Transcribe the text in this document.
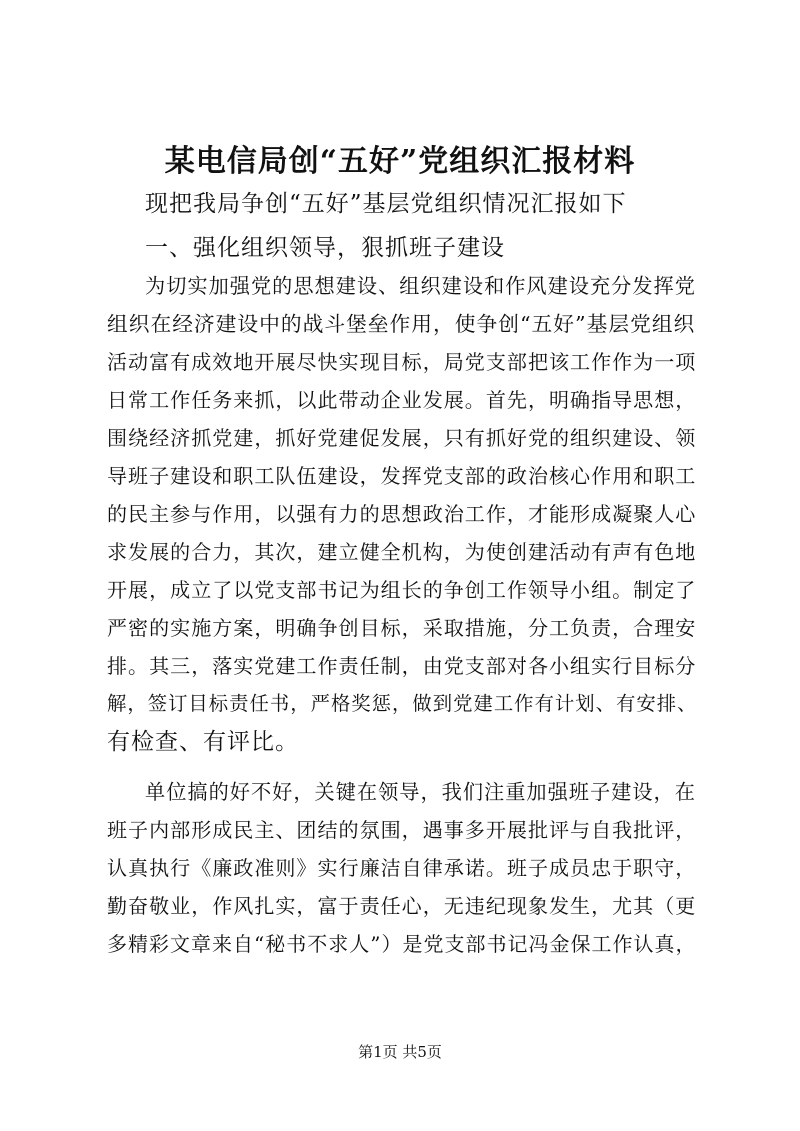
某电信局创“五好”党组织汇报材料
现把我局争创“五好”基层党组织情况汇报如下
一、强化组织领导，狠抓班子建设
为切实加强党的思想建设、组织建设和作风建设充分发挥党
组织在经济建设中的战斗堡垒作用，使争创“五好”基层党组织
活动富有成效地开展尽快实现目标，局党支部把该工作作为一项
日常工作任务来抓，以此带动企业发展。首先，明确指导思想，
围绕经济抓党建，抓好党建促发展，只有抓好党的组织建设、领
导班子建设和职工队伍建设，发挥党支部的政治核心作用和职工
的民主参与作用，以强有力的思想政治工作，才能形成凝聚人心
求发展的合力，其次，建立健全机构，为使创建活动有声有色地
开展，成立了以党支部书记为组长的争创工作领导小组。制定了
严密的实施方案，明确争创目标，采取措施，分工负责，合理安
排。其三，落实党建工作责任制，由党支部对各小组实行目标分
解，签订目标责任书，严格奖惩，做到党建工作有计划、有安排、
有检查、有评比。
单位搞的好不好，关键在领导，我们注重加强班子建设，在
班子内部形成民主、团结的氛围，遇事多开展批评与自我批评，
认真执行《廉政准则》实行廉洁自律承诺。班子成员忠于职守，
勤奋敬业，作风扎实，富于责任心，无违纪现象发生，尤其（更
多精彩文章来自“秘书不求人”）是党支部书记冯金保工作认真，
第1页 共5页
